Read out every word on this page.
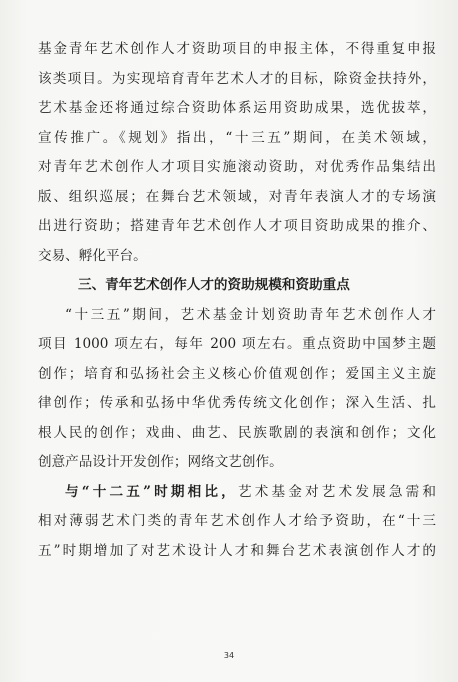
基金青年艺术创作人才资助项目的申报主体，不得重复申报
该类项目。为实现培育青年艺术人才的目标，除资金扶持外，
艺术基金还将通过综合资助体系运用资助成果，选优拔萃，
宣传推广。《规划》指出，“十三五”期间，在美术领域，
对青年艺术创作人才项目实施滚动资助，对优秀作品集结出
版、组织巡展；在舞台艺术领域，对青年表演人才的专场演
出进行资助；搭建青年艺术创作人才项目资助成果的推介、
交易、孵化平台。
三、青年艺术创作人才的资助规模和资助重点
“十三五”期间，艺术基金计划资助青年艺术创作人才
项目 1000 项左右，每年 200 项左右。重点资助中国梦主题
创作；培育和弘扬社会主义核心价值观创作；爱国主义主旋
律创作；传承和弘扬中华优秀传统文化创作；深入生活、扎
根人民的创作；戏曲、曲艺、民族歌剧的表演和创作；文化
创意产品设计开发创作；网络文艺创作。
与“十二五”时期相比，艺术基金对艺术发展急需和
相对薄弱艺术门类的青年艺术创作人才给予资助，在“十三
五”时期增加了对艺术设计人才和舞台艺术表演创作人才的
34
